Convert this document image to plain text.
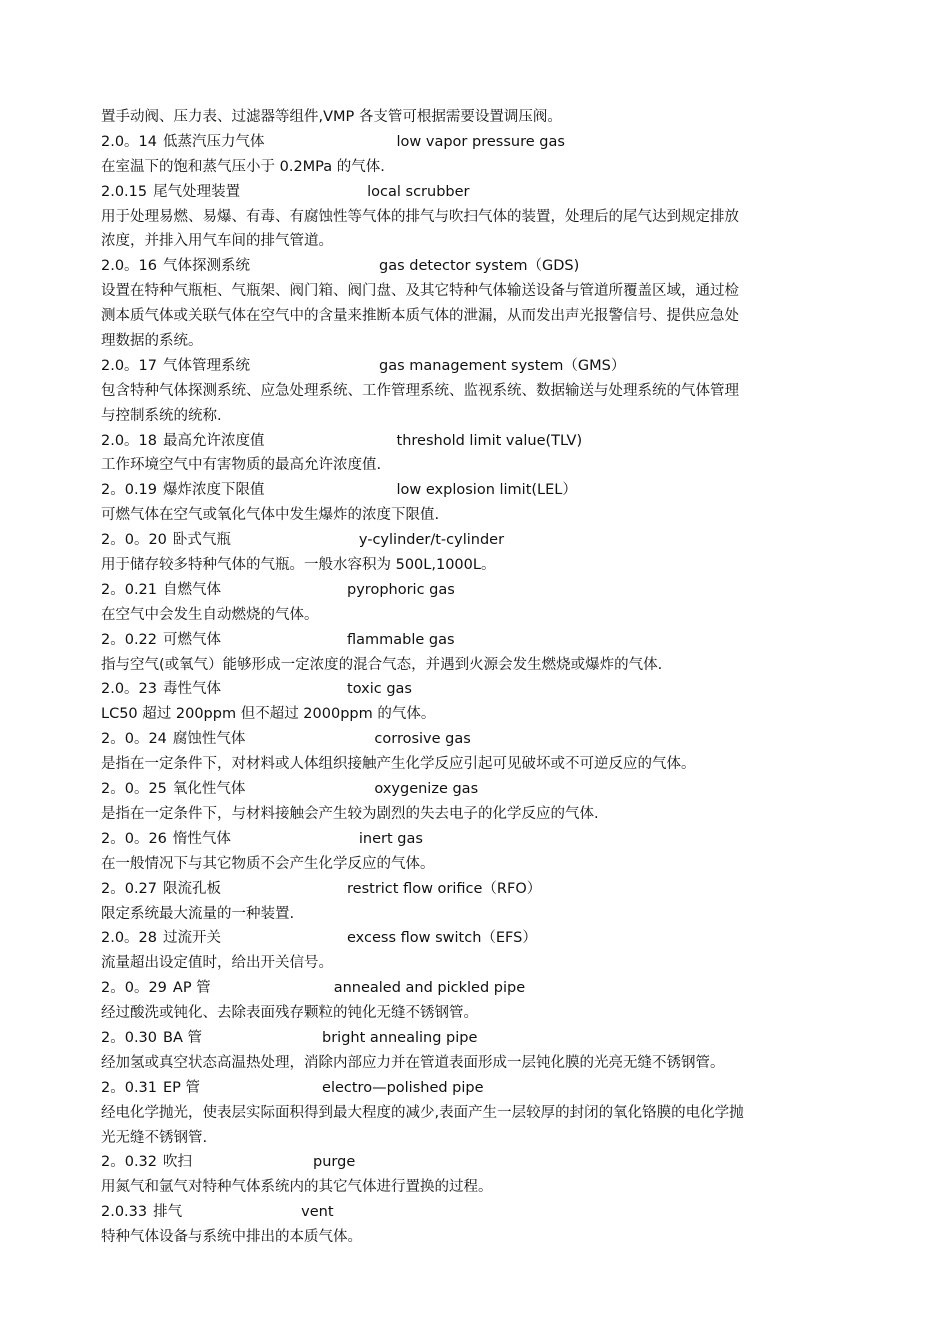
置手动阀、压力表、过滤器等组件,VMP 各支管可根据需要设置调压阀。
2.0。14 低蒸汽压力气体	low vapor pressure gas
在室温下的饱和蒸气压小于 0.2MPa 的气体.
2.0.15 尾气处理装置	local scrubber
用于处理易燃、易爆、有毒、有腐蚀性等气体的排气与吹扫气体的装置，处理后的尾气达到规定排放
浓度，并排入用气车间的排气管道。
2.0。16 气体探测系统	gas detector system（GDS)
设置在特种气瓶柜、气瓶架、阀门箱、阀门盘、及其它特种气体输送设备与管道所覆盖区域，通过检
测本质气体或关联气体在空气中的含量来推断本质气体的泄漏，从而发出声光报警信号、提供应急处
理数据的系统。
2.0。17 气体管理系统	gas management system（GMS）
包含特种气体探测系统、应急处理系统、工作管理系统、监视系统、数据输送与处理系统的气体管理
与控制系统的统称.
2.0。18 最高允许浓度值	threshold limit value(TLV)
工作环境空气中有害物质的最高允许浓度值.
2。0.19 爆炸浓度下限值	low explosion limit(LEL）
可燃气体在空气或氧化气体中发生爆炸的浓度下限值.
2。0。20 卧式气瓶	y-cylinder/t-cylinder
用于储存较多特种气体的气瓶。一般水容积为 500L,1000L。
2。0.21 自燃气体	pyrophoric gas
在空气中会发生自动燃烧的气体。
2。0.22 可燃气体	flammable gas
指与空气(或氧气）能够形成一定浓度的混合气态，并遇到火源会发生燃烧或爆炸的气体.
2.0。23 毒性气体	toxic gas
LC50 超过 200ppm 但不超过 2000ppm 的气体。
2。0。24 腐蚀性气体	corrosive gas
是指在一定条件下，对材料或人体组织接触产生化学反应引起可见破坏或不可逆反应的气体。
2。0。25 氧化性气体	oxygenize gas
是指在一定条件下，与材料接触会产生较为剧烈的失去电子的化学反应的气体.
2。0。26 惰性气体	inert gas
在一般情况下与其它物质不会产生化学反应的气体。
2。0.27 限流孔板	restrict flow orifice（RFO）
限定系统最大流量的一种装置.
2.0。28 过流开关	excess flow switch（EFS）
流量超出设定值时，给出开关信号。
2。0。29 AP 管	annealed and pickled pipe
经过酸洗或钝化、去除表面残存颗粒的钝化无缝不锈钢管。
2。0.30 BA 管	bright annealing pipe
经加氢或真空状态高温热处理，消除内部应力并在管道表面形成一层钝化膜的光亮无缝不锈钢管。
2。0.31 EP 管	electro—polished pipe
经电化学抛光，使表层实际面积得到最大程度的减少,表面产生一层较厚的封闭的氧化铬膜的电化学抛
光无缝不锈钢管.
2。0.32 吹扫	purge
用氮气和氩气对特种气体系统内的其它气体进行置换的过程。
2.0.33 排气	vent
特种气体设备与系统中排出的本质气体。
